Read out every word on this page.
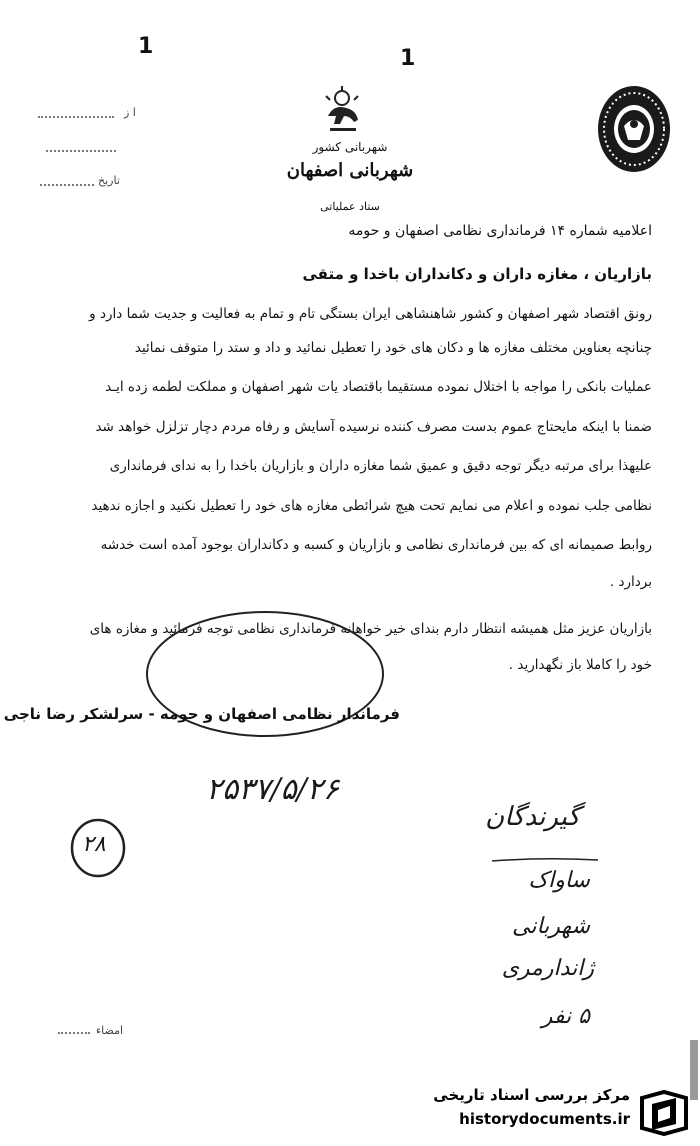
1	1
ا ز
تاریخ
شهربانی کشور
شهربانی اصفهان
ستاد عملیاتی
اعلامیه شماره ۱۴ فرمانداری نظامی اصفهان و حومه
بازاریان ، مغازه داران و دکانداران باخدا و متقی
رونق اقتصاد شهر اصفهان و کشور شاهنشاهی ایران بستگی تام و تمام به فعالیت و جدیت شما دارد و
چنانچه بعناوین مختلف مغازه ها و دکان های خود را تعطیل نمائید و داد و ستد را متوقف نمائید
عملیات بانکی را مواجه با اختلال نموده مستقیما باقتصاد یات شهر اصفهان و مملکت لطمه زده ایـد
ضمنا با اینکه مایحتاج عموم بدست مصرف کننده نرسیده آسایش و رفاه مردم دچار تزلزل خواهد شد
علیهذا برای مرتبه دیگر توجه دقیق و عمیق شما مغازه داران و بازاریان باخدا را به ندای فرمانداری
نظامی جلب نموده و اعلام می نمایم تحت هیچ شرائطی مغازه های خود را تعطیل نکنید و اجازه ندهید
روابط صمیمانه ای که بین فرمانداری نظامی و بازاریان و کسبه و دکانداران بوجود آمده است خدشه
بردارد .
بازاریان عزیز مثل همیشه انتظار دارم بندای خیر خواهانه فرمانداری نظامی توجه فرمائید و مغازه های
خود را کاملا باز نگهدارید .
فرماندار نظامی اصفهان و حومه - سرلشکر رضا ناجی
۲۵۳۷/۵/۲۶
۲۸
گیرندگان
ساواک
شهربانی
ژاندارمری
۵ نفر
امضاء
مرکز بررسی اسناد تاریخی
historydocuments.ir
